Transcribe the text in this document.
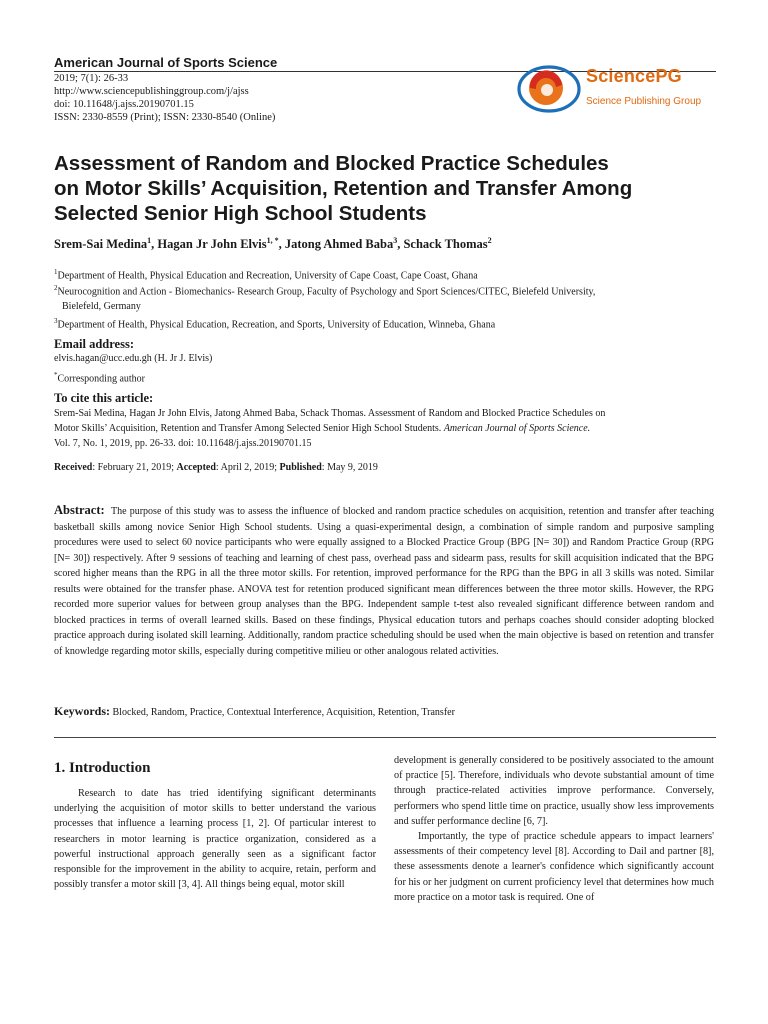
American Journal of Sports Science
2019; 7(1): 26-33
http://www.sciencepublishinggroup.com/j/ajss
doi: 10.11648/j.ajss.20190701.15
ISSN: 2330-8559 (Print); ISSN: 2330-8540 (Online)
SciencePG
Science Publishing Group
Assessment of Random and Blocked Practice Schedules
on Motor Skills’ Acquisition, Retention and Transfer Among
Selected Senior High School Students
Srem-Sai Medina$^1$, Hagan Jr John Elvis$^{1, *}$, Jatong Ahmed Baba$^3$, Schack Thomas$^2$
$^1$Department of Health, Physical Education and Recreation, University of Cape Coast, Cape Coast, Ghana
$^2$Neurocognition and Action - Biomechanics- Research Group, Faculty of Psychology and Sport Sciences/CITEC, Bielefeld University,
Bielefeld, Germany
$^3$Department of Health, Physical Education, Recreation, and Sports, University of Education, Winneba, Ghana
Email address:
elvis.hagan@ucc.edu.gh (H. Jr J. Elvis)
*Corresponding author
To cite this article:
Srem-Sai Medina, Hagan Jr John Elvis, Jatong Ahmed Baba, Schack Thomas. Assessment of Random and Blocked Practice Schedules on
Motor Skills’ Acquisition, Retention and Transfer Among Selected Senior High School Students. American Journal of Sports Science.
Vol. 7, No. 1, 2019, pp. 26-33. doi: 10.11648/j.ajss.20190701.15
Received: February 21, 2019; Accepted: April 2, 2019; Published: May 9, 2019
Abstract: The purpose of this study was to assess the influence of blocked and random practice schedules on acquisition, retention and transfer after teaching basketball skills among novice Senior High School students. Using a quasi-experimental design, a combination of simple random and purposive sampling procedures were used to select 60 novice participants who were equally assigned to a Blocked Practice Group (BPG [N= 30]) and Random Practice Group (RPG [N= 30]) respectively. After 9 sessions of teaching and learning of chest pass, overhead pass and sidearm pass, results for skill acquisition indicated that the BPG scored higher means than the RPG in all the three motor skills. For retention, improved performance for the RPG than the BPG in all 3 skills was noted. Similar results were obtained for the transfer phase. ANOVA test for retention produced significant mean differences between the three motor skills. However, the RPG recorded more superior values for between group analyses than the BPG. Independent sample t-test also revealed significant difference between random and blocked practices in terms of overall learned skills. Based on these findings, Physical education tutors and perhaps coaches should consider adopting blocked practice approach during isolated skill learning. Additionally, random practice scheduling should be used when the main objective is based on retention and transfer of knowledge regarding motor skills, especially during competitive milieu or other analogous related activities.
Keywords: Blocked, Random, Practice, Contextual Interference, Acquisition, Retention, Transfer
1. Introduction

Research to date has tried identifying significant determinants underlying the acquisition of motor skills to better understand the various processes that influence a learning process [1, 2]. Of particular interest to researchers in motor learning is practice organization, considered as a powerful instructional approach generally seen as a significant factor responsible for the improvement in the ability to acquire, retain, perform and possibly transfer a motor skill [3, 4]. All things being equal, motor skill

development is generally considered to be positively associated to the amount of practice [5]. Therefore, individuals who devote substantial amount of time through practice-related activities improve performance. Conversely, performers who spend little time on practice, usually show less improvements and suffer performance decline [6, 7].

Importantly, the type of practice schedule appears to impact learners' assessments of their competency level [8]. According to Dail and partner [8], these assessments denote a learner's confidence which significantly account for his or her judgment on current proficiency level that determines how much more practice on a motor task is required. One of
